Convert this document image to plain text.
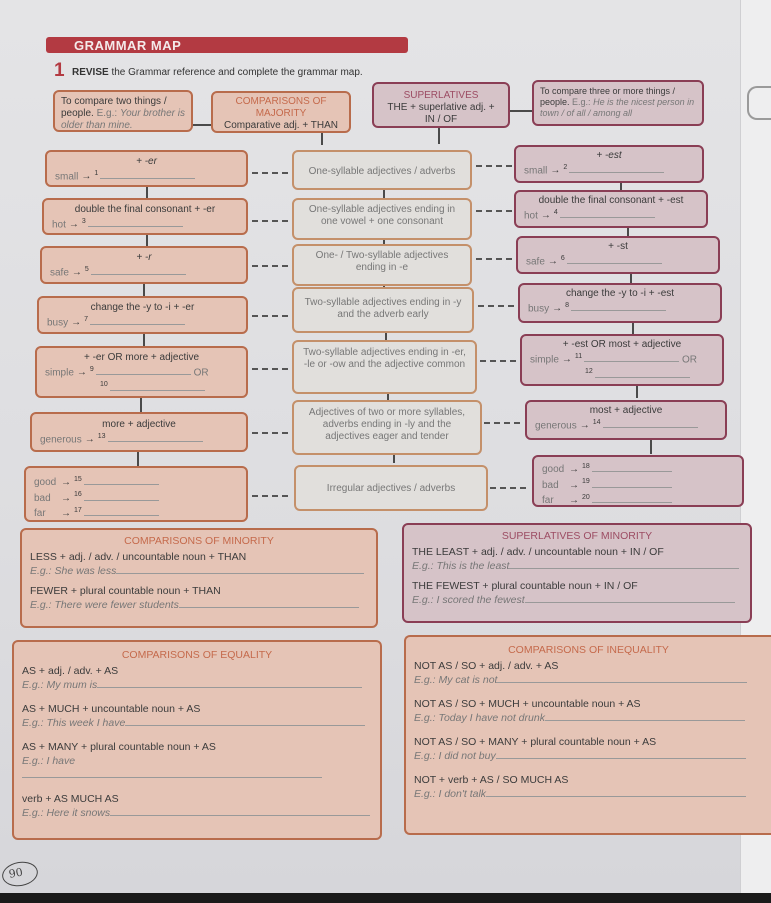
GRAMMAR MAP
1 REVISE the Grammar reference and complete the grammar map.
To compare two things /
people. E.g.: Your brother is older than mine.
COMPARISONS OF MAJORITY
Comparative adj. + THAN
SUPERLATIVES
THE + superlative adj. +
IN / OF
To compare three or more things /
people. E.g.: He is the nicest person in town / of all / among all
+ -er
small → $^1$	One-syllable adjectives / adverbs
+ -est
small → $^2$
double the final consonant + -er
hot → $^3$
One-syllable adjectives ending in one vowel + one consonant
double the final consonant + -est
hot → $^4$
+ -r
safe → $^5$
One- / Two-syllable adjectives ending in -e
+ -st
safe → $^6$
change the -y to -i + -er
busy → $^7$
Two-syllable adjectives ending in -y and the adverb early
change the -y to -i + -est
busy → $^8$
+ -er OR more + adjective
simple → $^9$	OR
$^{10}$
Two-syllable adjectives ending in -er, -le or -ow and the adjective common
+ -est OR most + adjective
simple → $^{11}$	OR
$^{12}$
more + adjective
generous → $^{13}$
Adjectives of two or more syllables, adverbs ending in -ly and the adjectives eager and tender
most + adjective
generous → $^{14}$
good → $^{15}$
bad → $^{16}$
far → $^{17}$
Irregular adjectives / adverbs
good → $^{18}$
bad → $^{19}$
far → $^{20}$
COMPARISONS OF MINORITY
LESS + adj. / adv. / uncountable noun + THAN
E.g.: She was less
FEWER + plural countable noun + THAN
E.g.: There were fewer students
SUPERLATIVES OF MINORITY
THE LEAST + adj. / adv. / uncountable noun + IN / OF
E.g.: This is the least
THE FEWEST + plural countable noun + IN / OF
E.g.: I scored the fewest
COMPARISONS OF EQUALITY
AS + adj. / adv. + AS
E.g.: My mum is
AS + MUCH + uncountable noun + AS
E.g.: This week I have
AS + MANY + plural countable noun + AS
E.g.: I have
verb + AS MUCH AS
E.g.: Here it snows
COMPARISONS OF INEQUALITY
NOT AS / SO + adj. / adv. + AS
E.g.: My cat is not
NOT AS / SO + MUCH + uncountable noun + AS
E.g.: Today I have not drunk
NOT AS / SO + MANY + plural countable noun + AS
E.g.: I did not buy
NOT + verb + AS / SO MUCH AS
E.g.: I don't talk
90
